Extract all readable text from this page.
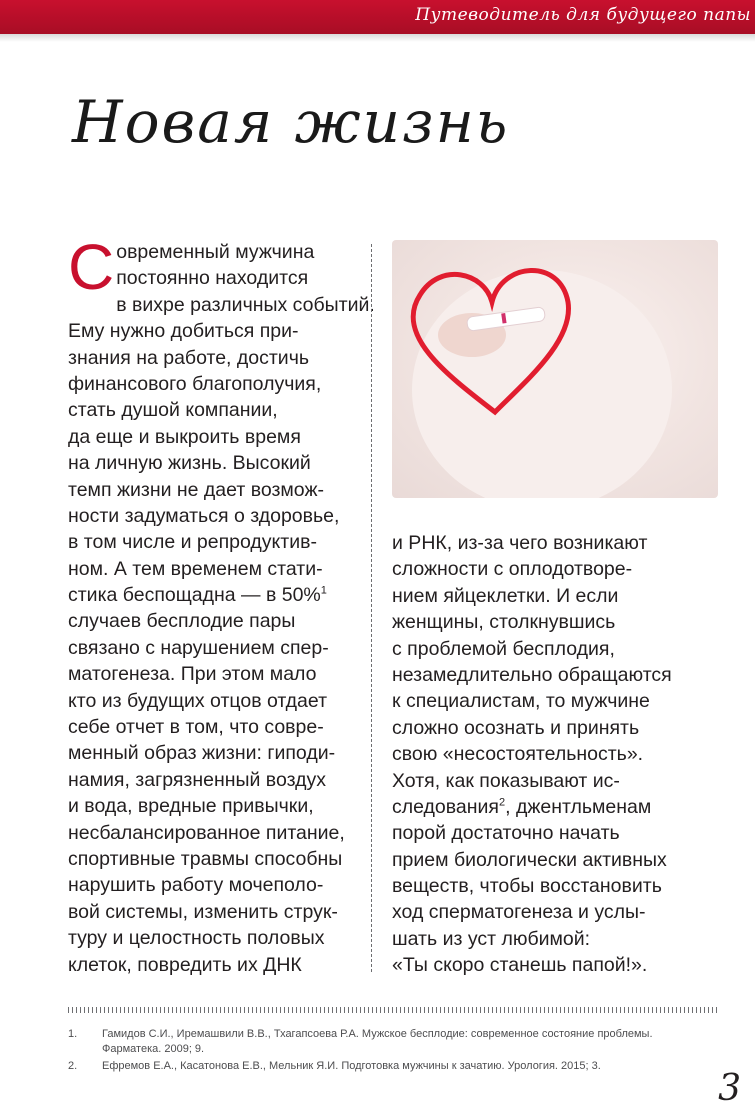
Путеводитель для будущего папы
Новая жизнь
С овременный мужчина
постоянно находится
в вихре различных событий.
Ему нужно добиться при-
знания на работе, достичь
финансового благополучия,
стать душой компании,
да еще и выкроить время
на личную жизнь. Высокий
темп жизни не дает возмож-
ности задуматься о здоровье,
в том числе и репродуктив-
ном. А тем временем стати-
стика беспощадна — в 50%$^1$
случаев бесплодие пары
связано с нарушением спер-
матогенеза. При этом мало
кто из будущих отцов отдает
себе отчет в том, что совре-
менный образ жизни: гиподи-
намия, загрязненный воздух
и вода, вредные привычки,
несбалансированное питание,
спортивные травмы способны
нарушить работу мочеполо-
вой системы, изменить струк-
туру и целостность половых
клеток, повредить их ДНК
и РНК, из-за чего возникают
сложности с оплодотворе-
нием яйцеклетки. И если
женщины, столкнувшись
с проблемой бесплодия,
незамедлительно обращаются
к специалистам, то мужчине
сложно осознать и принять
свою «несостоятельность».
Хотя, как показывают ис-
следования$^2$, джентльменам
порой достаточно начать
прием биологически активных
веществ, чтобы восстановить
ход сперматогенеза и услы-
шать из уст любимой:
«Ты скоро станешь папой!».
1. Гамидов С.И., Иремашвили В.В., Тхагапсоева Р.А. Мужское бесплодие: современное состояние проблемы. Фарматека. 2009; 9.
2. Ефремов Е.А., Касатонова Е.В., Мельник Я.И. Подготовка мужчины к зачатию. Урология. 2015; 3.
3
